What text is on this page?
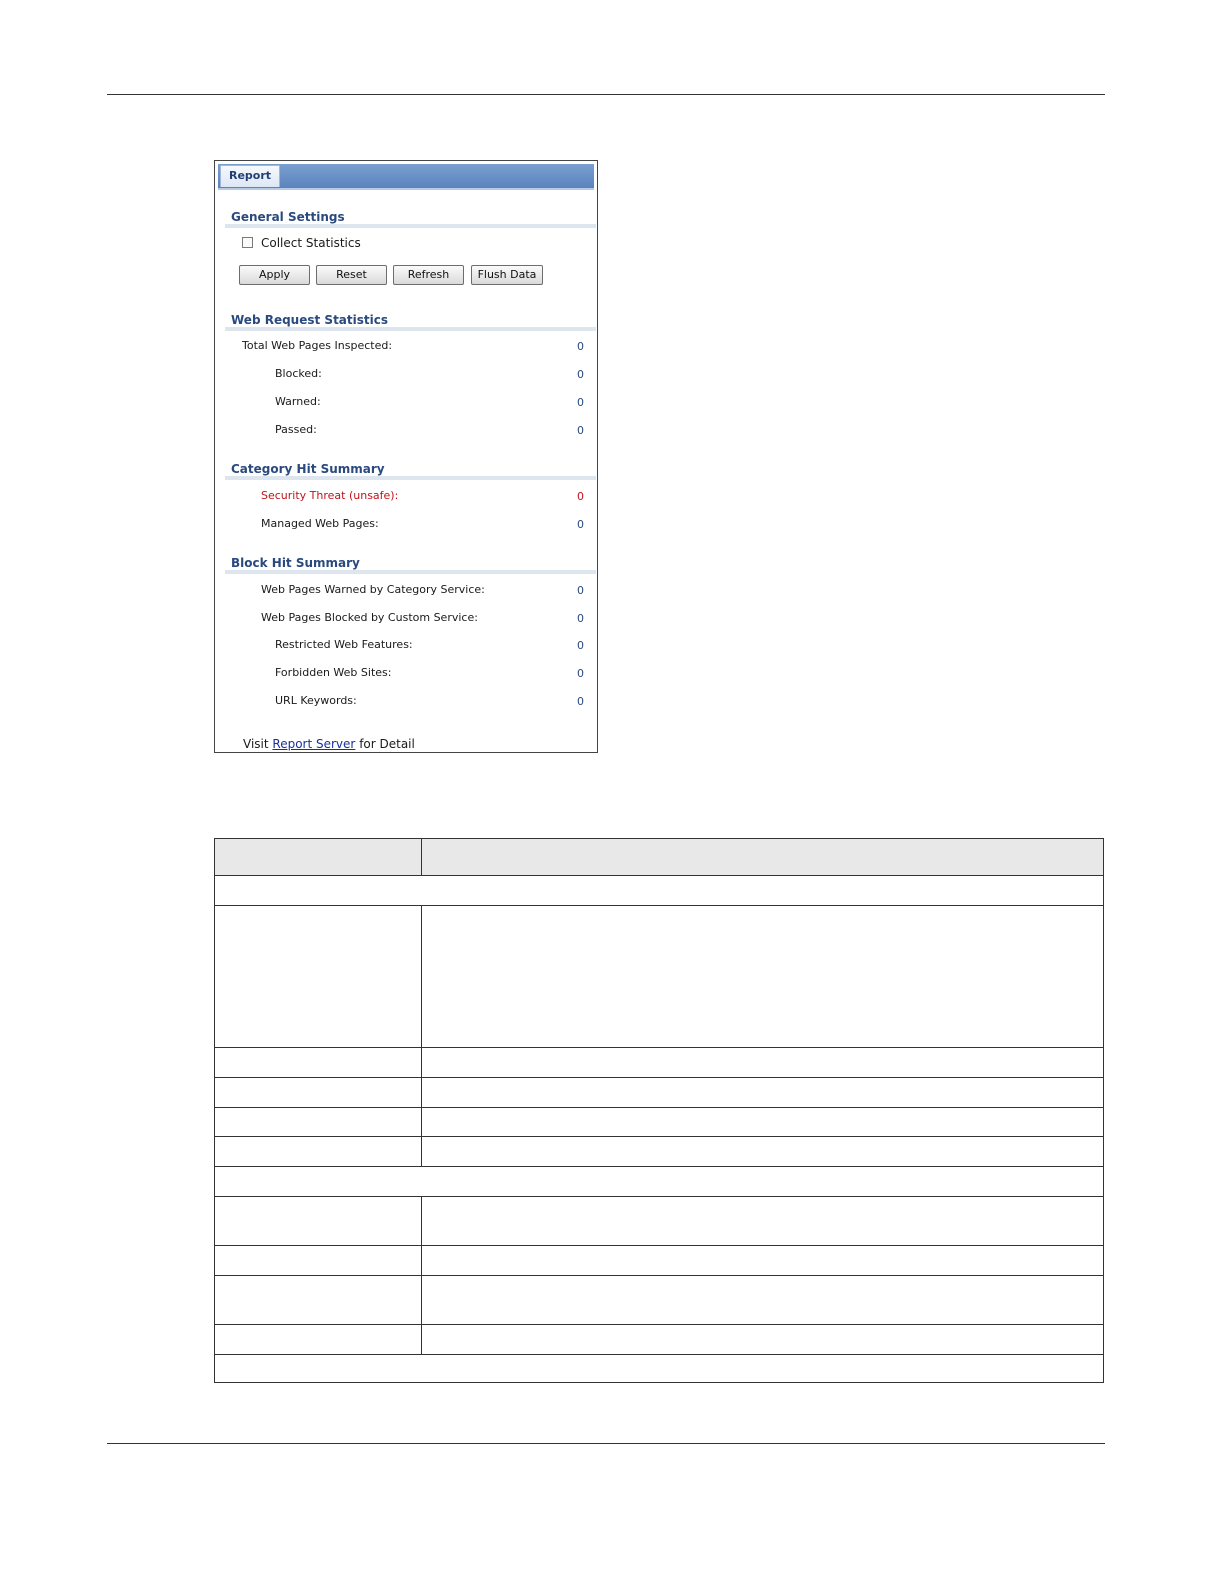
Report
General Settings
Collect Statistics
Apply	Reset	Refresh	Flush Data
Web Request Statistics
Total Web Pages Inspected:	0
Blocked:	0
Warned:	0
Passed:	0
Category Hit Summary
Security Threat (unsafe):	0
Managed Web Pages:	0
Block Hit Summary
Web Pages Warned by Category Service:	0
Web Pages Blocked by Custom Service:	0
Restricted Web Features:	0
Forbidden Web Sites:	0
URL Keywords:	0
Visit Report Server for Detail
